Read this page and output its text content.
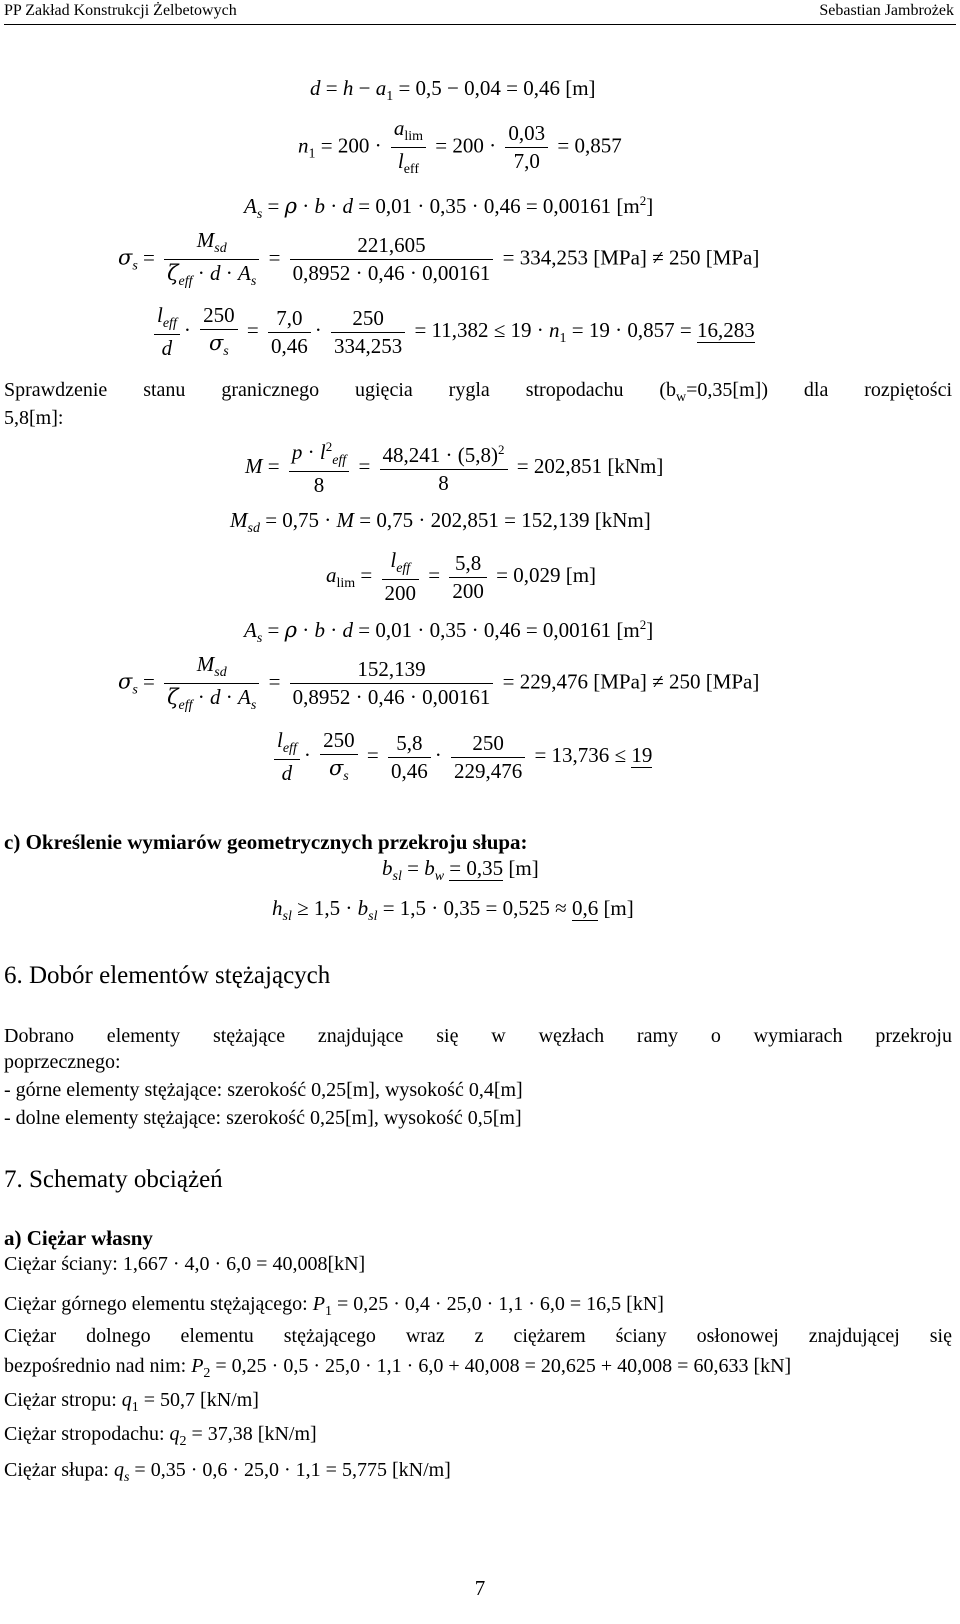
PP Zakład Konstrukcji Żelbetowych	Sebastian Jambrożek
$d = h - a_1 = 0,5 - 0,04 = 0,46$ [m]
$n_1 = 200 \cdot \frac{a_{lim}}{l_{eff}} = 200 \cdot \frac{0,03}{7,0} = 0,857$
$A_s = \rho \cdot b \cdot d = 0,01 \cdot 0,35 \cdot 0,46 = 0,00161$ $[m^2]$
$\sigma_s = \frac{M_{sd}}{\zeta_{eff} \cdot d \cdot A_s} = \frac{221,605}{0,8952 \cdot 0,46 \cdot 0,00161} = 334,253$ [MPa] ≠ 250 [MPa]
$\frac{l_{eff}}{d} \cdot \frac{250}{\sigma_s} = \frac{7,0}{0,46} \cdot \frac{250}{334,253} = 11,382 \le 19 \cdot n_1 = 19 \cdot 0,857 = 16,283$
Sprawdzenie stanu granicznego ugięcia rygla stropodachu $(b_w=0,35[m])$ dla rozpiętości
5,8[m]:
$M = \frac{p \cdot l^2_{eff}}{8} = \frac{48,241 \cdot (5,8)^2}{8} = 202,851$ [kNm]
$M_{sd} = 0,75 \cdot M = 0,75 \cdot 202,851 = 152,139$ [kNm]
$a_{lim} = \frac{l_{eff}}{200} = \frac{5,8}{200} = 0,029$ [m]
$A_s = \rho \cdot b \cdot d = 0,01 \cdot 0,35 \cdot 0,46 = 0,00161$ $[m^2]$
$\sigma_s = \frac{M_{sd}}{\zeta_{eff} \cdot d \cdot A_s} = \frac{152,139}{0,8952 \cdot 0,46 \cdot 0,00161} = 229,476$ [MPa] ≠ 250 [MPa]
$\frac{l_{eff}}{d} \cdot \frac{250}{\sigma_s} = \frac{5,8}{0,46} \cdot \frac{250}{229,476} = 13,736 \le 19$
c) Określenie wymiarów geometrycznych przekroju słupa:
$b_{sl} = b_w = 0,35$ [m]
$h_{sl} \ge 1,5 \cdot b_{sl} = 1,5 \cdot 0,35 = 0,525 \approx 0,6$ [m]
6. Dobór elementów stężających
Dobrano elementy stężające znajdujące się w węzłach ramy o wymiarach przekroju
poprzecznego:
- górne elementy stężające: szerokość 0,25[m], wysokość 0,4[m]
- dolne elementy stężające: szerokość 0,25[m], wysokość 0,5[m]
7. Schematy obciążeń
a) Ciężar własny
Ciężar ściany: 1,667 · 4,0 · 6,0 = 40,008[kN]
Ciężar górnego elementu stężającego: $P_1 = 0,25 \cdot 0,4 \cdot 25,0 \cdot 1,1 \cdot 6,0 = 16,5$ [kN]
Ciężar dolnego elementu stężającego wraz z ciężarem ściany osłonowej znajdującej się
bezpośrednio nad nim: $P_2 = 0,25 \cdot 0,5 \cdot 25,0 \cdot 1,1 \cdot 6,0 + 40,008 = 20,625 + 40,008 = 60,633$ [kN]
Ciężar stropu: $q_1 = 50,7$ [kN/m]
Ciężar stropodachu: $q_2 = 37,38$ [kN/m]
Ciężar słupa: $q_s = 0,35 \cdot 0,6 \cdot 25,0 \cdot 1,1 = 5,775$ [kN/m]
7
